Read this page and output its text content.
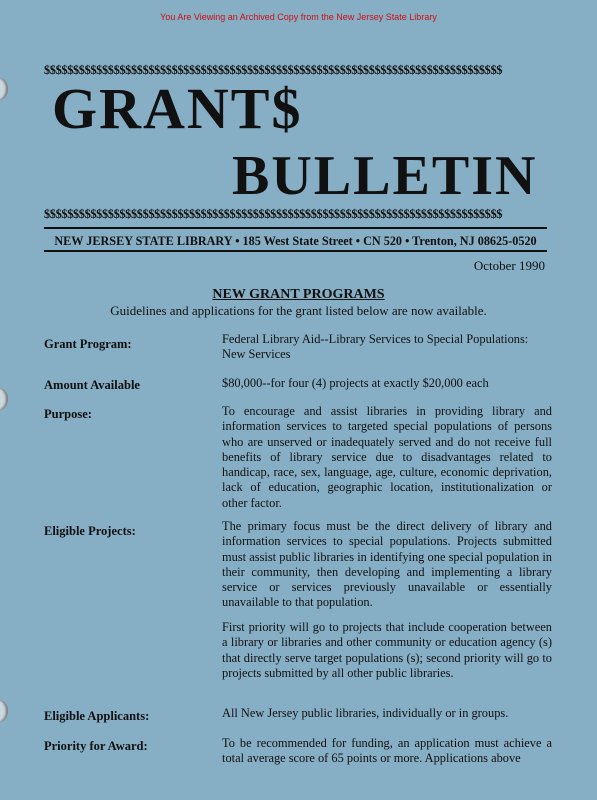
You Are Viewing an Archived Copy from the New Jersey State Library
$$$$$$$$$$$$$$$$$$$$$$$$$$$$$$$$$$$$$$$$$$$$$$$$$$$$$$$$$$$$$$$$$$$$$$$$$$$$$$$
GRANT$
BULLETIN
$$$$$$$$$$$$$$$$$$$$$$$$$$$$$$$$$$$$$$$$$$$$$$$$$$$$$$$$$$$$$$$$$$$$$$$$$$$$$$$
NEW JERSEY STATE LIBRARY • 185 West State Street • CN 520 • Trenton, NJ 08625-0520
October 1990
NEW GRANT PROGRAMS
Guidelines and applications for the grant listed below are now available.
Grant Program:	Federal Library Aid--Library Services to Special Populations: New Services
Amount Available	$80,000--for four (4) projects at exactly $20,000 each
Purpose:	To encourage and assist libraries in providing library and information services to targeted special populations of persons who are unserved or inadequately served and do not receive full benefits of library service due to disadvantages related to handicap, race, sex, language, age, culture, economic deprivation, lack of education, geographic location, institutionalization or other factor.
Eligible Projects:	The primary focus must be the direct delivery of library and information services to special populations. Projects submitted must assist public libraries in identifying one special population in their community, then developing and implementing a library service or services previously unavailable or essentially unavailable to that population.
First priority will go to projects that include cooperation between a library or libraries and other community or education agency (s) that directly serve target populations (s); second priority will go to projects submitted by all other public libraries.
Eligible Applicants:	All New Jersey public libraries, individually or in groups.
Priority for Award:	To be recommended for funding, an application must achieve a total average score of 65 points or more. Applications above
